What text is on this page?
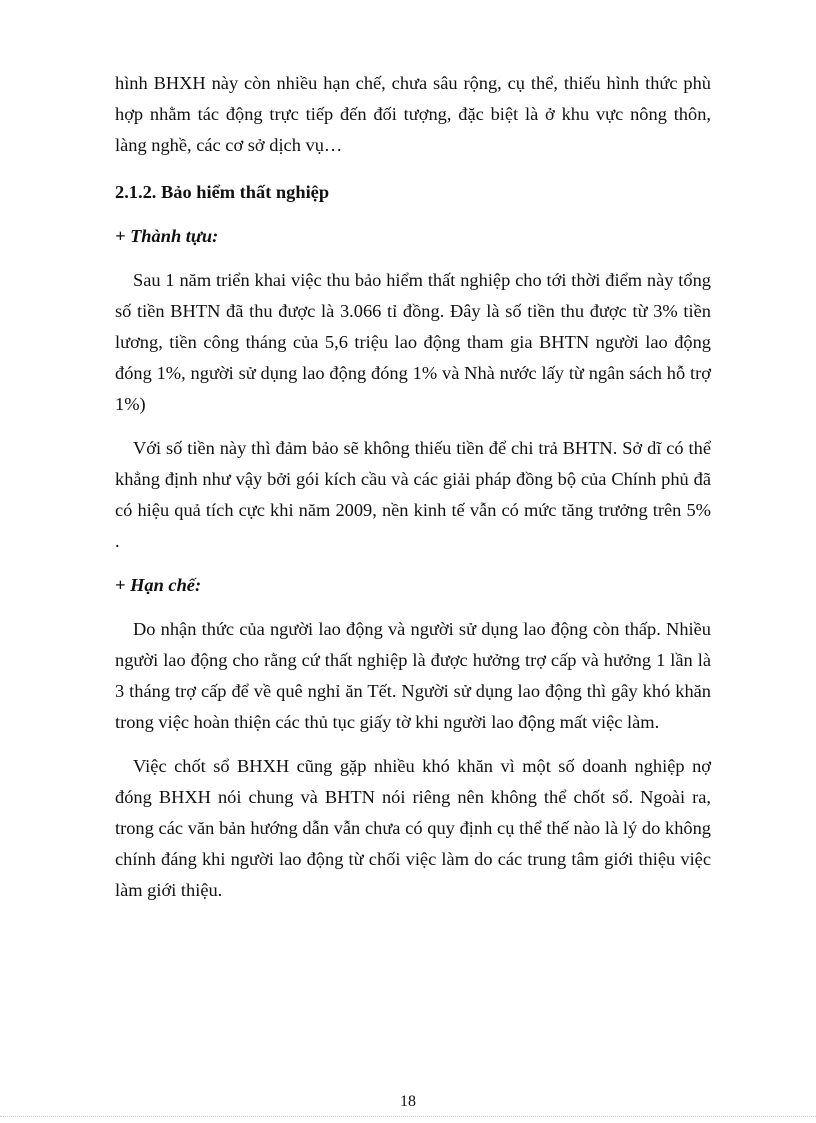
hình BHXH này còn nhiều hạn chế, chưa sâu rộng, cụ thể, thiếu hình thức phù hợp nhằm tác động trực tiếp đến đối tượng, đặc biệt là ở khu vực nông thôn, làng nghề, các cơ sở dịch vụ…

2.1.2. Bảo hiểm thất nghiệp

+ Thành tựu:

Sau 1 năm triển khai việc thu bảo hiểm thất nghiệp cho tới thời điểm này tổng số tiền BHTN đã thu được là 3.066 tỉ đồng. Đây là số tiền thu được từ 3% tiền lương, tiền công tháng của 5,6 triệu lao động tham gia BHTN người lao động đóng 1%, người sử dụng lao động đóng 1% và Nhà nước lấy từ ngân sách hỗ trợ 1%)

Với số tiền này thì đảm bảo sẽ không thiếu tiền để chi trả BHTN. Sở dĩ có thể khẳng định như vậy bởi gói kích cầu và các giải pháp đồng bộ của Chính phủ đã có hiệu quả tích cực khi năm 2009, nền kinh tế vẫn có mức tăng trưởng trên 5% .

+ Hạn chế:

Do nhận thức của người lao động và người sử dụng lao động còn thấp. Nhiều người lao động cho rằng cứ thất nghiệp là được hưởng trợ cấp và hưởng 1 lần là 3 tháng trợ cấp để về quê nghỉ ăn Tết. Người sử dụng lao động thì gây khó khăn trong việc hoàn thiện các thủ tục giấy tờ khi người lao động mất việc làm.

Việc chốt sổ BHXH cũng gặp nhiều khó khăn vì một số doanh nghiệp nợ đóng BHXH nói chung và BHTN nói riêng nên không thể chốt sổ. Ngoài ra, trong các văn bản hướng dẫn vẫn chưa có quy định cụ thể thế nào là lý do không chính đáng khi người lao động từ chối việc làm do các trung tâm giới thiệu việc làm giới thiệu.

18
